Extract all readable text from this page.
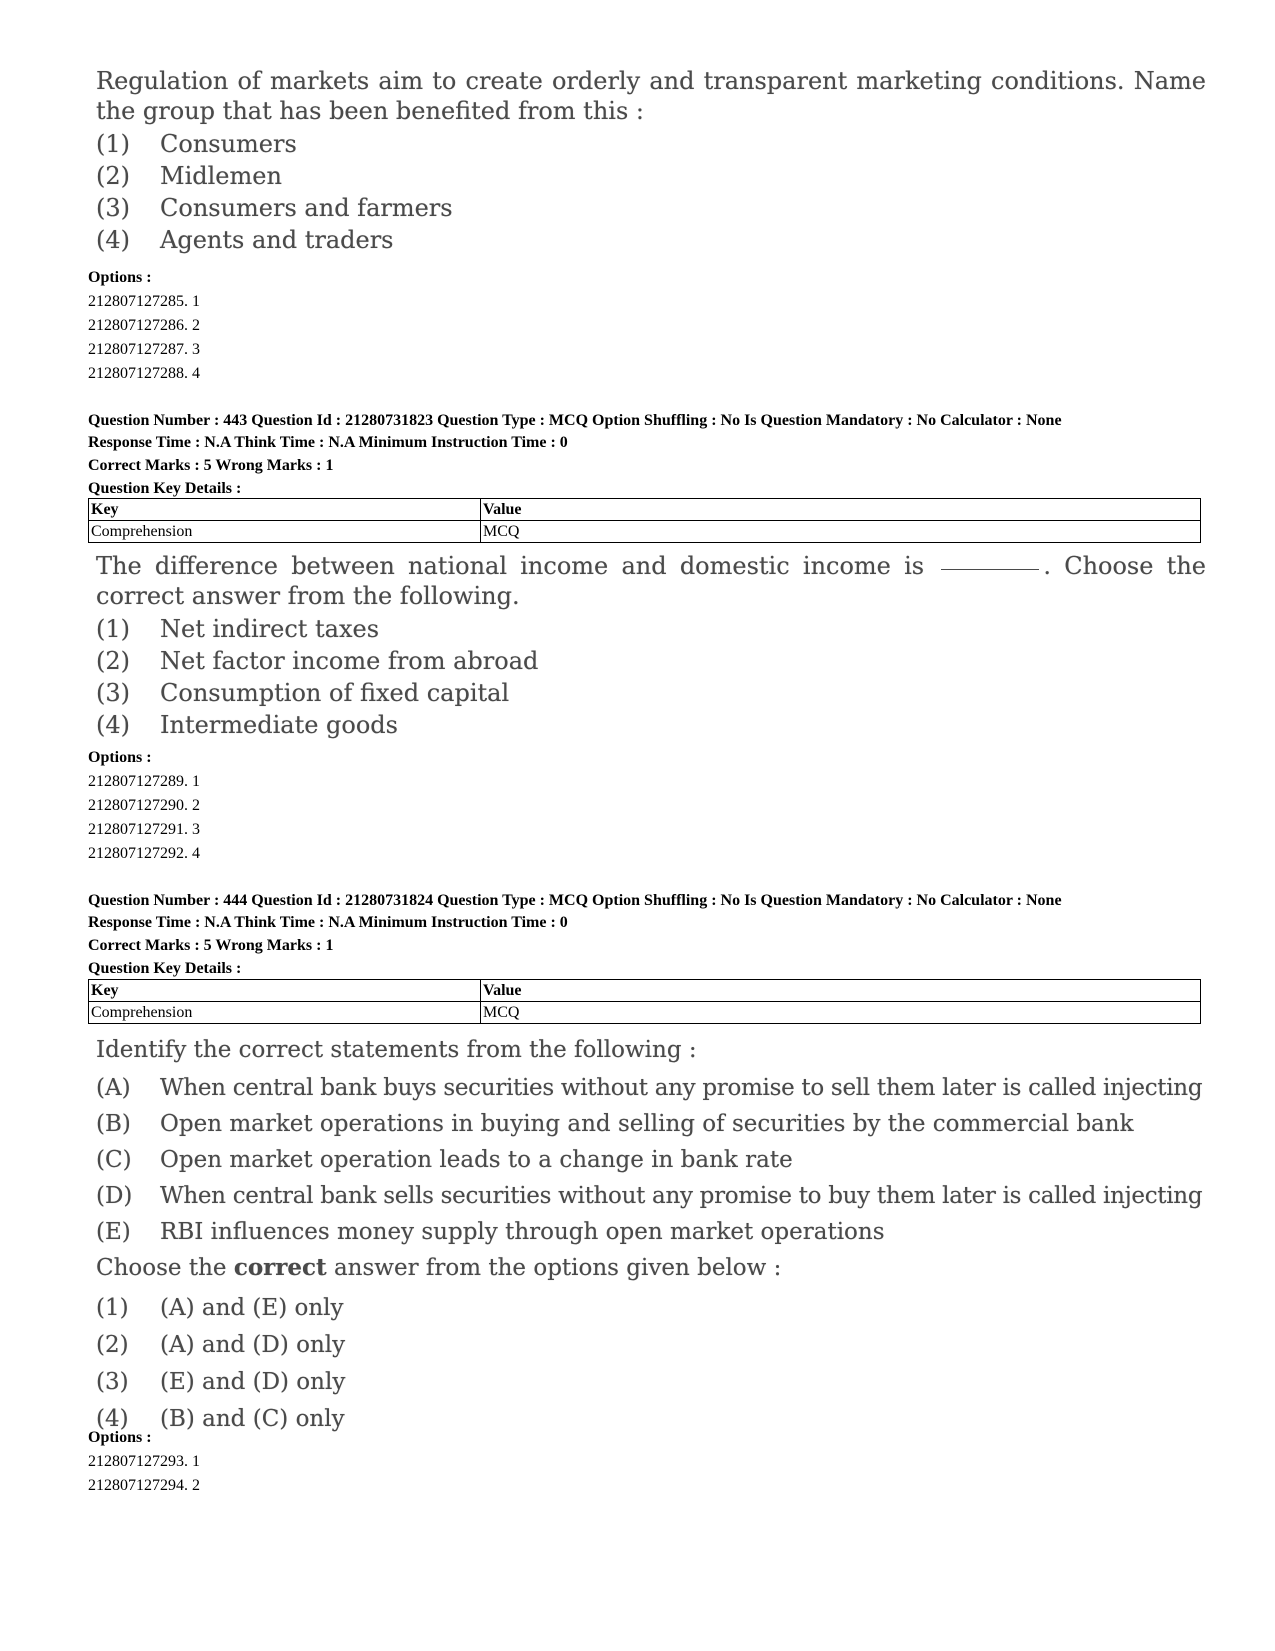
Regulation of markets aim to create orderly and transparent marketing conditions. Name the group that has been benefited from this :

(1)	Consumers
(2)	Midlemen
(3)	Consumers and farmers
(4)	Agents and traders
Options :
212807127285. 1
212807127286. 2
212807127287. 3
212807127288. 4

Question Number : 443 Question Id : 21280731823 Question Type : MCQ Option Shuffling : No Is Question Mandatory : No Calculator : None

Response Time : N.A Think Time : N.A Minimum Instruction Time : 0

Correct Marks : 5 Wrong Marks : 1

Question Key Details :

Key	Value
Comprehension	MCQ

The difference between national income and domestic income is	. Choose the correct answer from the following.

(1)	Net indirect taxes
(2)	Net factor income from abroad
(3)	Consumption of fixed capital
(4)	Intermediate goods
Options :
212807127289. 1
212807127290. 2
212807127291. 3
212807127292. 4

Question Number : 444 Question Id : 21280731824 Question Type : MCQ Option Shuffling : No Is Question Mandatory : No Calculator : None

Response Time : N.A Think Time : N.A Minimum Instruction Time : 0

Correct Marks : 5 Wrong Marks : 1

Question Key Details :

Key	Value
Comprehension	MCQ

Identify the correct statements from the following :

(A)	When central bank buys securities without any promise to sell them later is called injecting
(B)	Open market operations in buying and selling of securities by the commercial bank
(C)	Open market operation leads to a change in bank rate
(D)	When central bank sells securities without any promise to buy them later is called injecting
(E)	RBI influences money supply through open market operations

Choose the correct answer from the options given below :

(1)	(A) and (E) only
(2)	(A) and (D) only
(3)	(E) and (D) only
(4)	(B) and (C) only
Options :
212807127293. 1
212807127294. 2
